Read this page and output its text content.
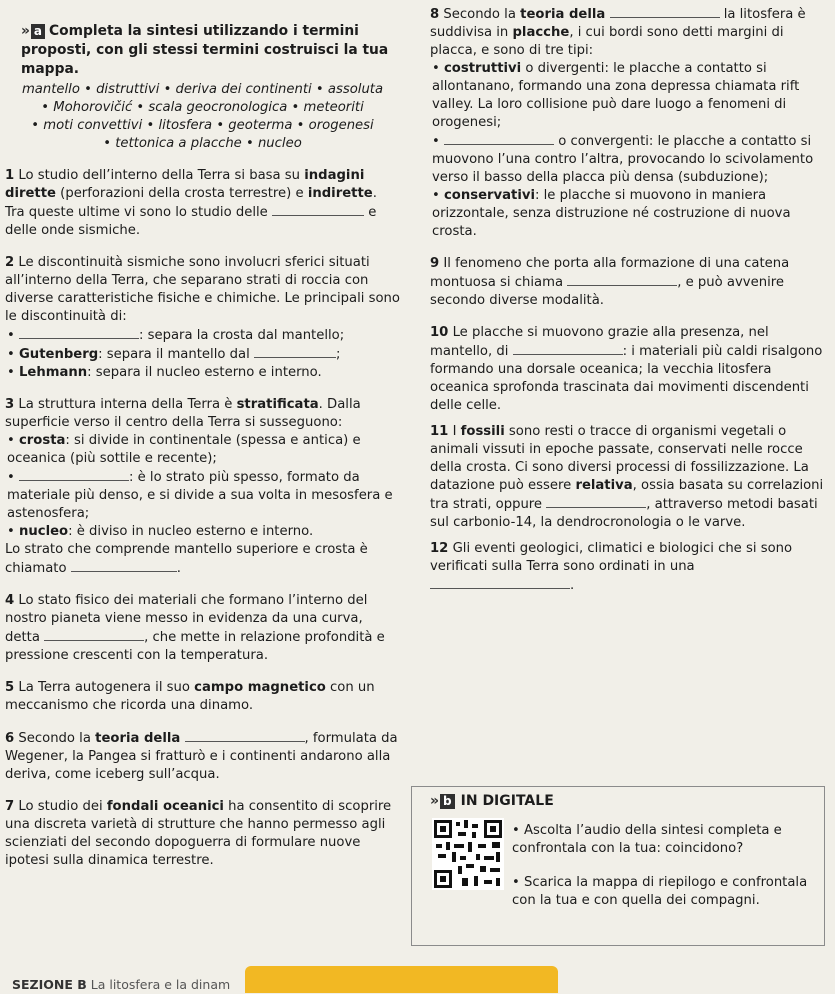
» a Completa la sintesi utilizzando i termini proposti, con gli stessi termini costruisci la tua mappa.

mantello • distruttivi • deriva dei continenti • assoluta

• Mohorovičić • scala geocronologica • meteoriti

• moti convettivi • litosfera • geoterma • orogenesi

• tettonica a placche • nucleo

1 Lo studio dell’interno della Terra si basa su indagini dirette (perforazioni della crosta terrestre) e indirette. Tra queste ultime vi sono lo studio delle	e delle onde sismiche.

2 Le discontinuità sismiche sono involucri sferici situati all’interno della Terra, che separano strati di roccia con diverse caratteristiche fisiche e chimiche. Le principali sono le discontinuità di:

•	: separa la crosta dal mantello;

• Gutenberg: separa il mantello dal	;

• Lehmann: separa il nucleo esterno e interno.

3 La struttura interna della Terra è stratificata. Dalla superficie verso il centro della Terra si susseguono:

• crosta: si divide in continentale (spessa e antica) e oceanica (più sottile e recente);

•	: è lo strato più spesso, formato da materiale più denso, e si divide a sua volta in mesosfera e astenosfera;

• nucleo: è diviso in nucleo esterno e interno.

Lo strato che comprende mantello superiore e crosta è chiamato	.

4 Lo stato fisico dei materiali che formano l’interno del nostro pianeta viene messo in evidenza da una curva, detta	, che mette in relazione profondità e pressione crescenti con la temperatura.

5 La Terra autogenera il suo campo magnetico con un meccanismo che ricorda una dinamo.

6 Secondo la teoria della	, formulata da Wegener, la Pangea si fratturò e i continenti andarono alla deriva, come iceberg sull’acqua.

7 Lo studio dei fondali oceanici ha consentito di scoprire una discreta varietà di strutture che hanno permesso agli scienziati del secondo dopoguerra di formulare nuove ipotesi sulla dinamica terrestre.

8 Secondo la teoria della	la litosfera è suddivisa in placche, i cui bordi sono detti margini di placca, e sono di tre tipi:

• costruttivi o divergenti: le placche a contatto si allontanano, formando una zona depressa chiamata rift valley. La loro collisione può dare luogo a fenomeni di orogenesi;

•	o convergenti: le placche a contatto si muovono l’una contro l’altra, provocando lo scivolamento verso il basso della placca più densa (subduzione);

• conservativi: le placche si muovono in maniera orizzontale, senza distruzione né costruzione di nuova crosta.

9 Il fenomeno che porta alla formazione di una catena montuosa si chiama	, e può avvenire secondo diverse modalità.

10 Le placche si muovono grazie alla presenza, nel mantello, di	: i materiali più caldi risalgono formando una dorsale oceanica; la vecchia litosfera oceanica sprofonda trascinata dai movimenti discendenti delle celle.

11 I fossili sono resti o tracce di organismi vegetali o animali vissuti in epoche passate, conservati nelle rocce della crosta. Ci sono diversi processi di fossilizzazione. La datazione può essere relativa, ossia basata su correlazioni tra strati, oppure	, attraverso metodi basati sul carbonio-14, la dendrocronologia o le varve.

12 Gli eventi geologici, climatici e biologici che si sono verificati sulla Terra sono ordinati in una .

» b IN DIGITALE

• Ascolta l’audio della sintesi completa e confrontala con la tua: coincidono?

• Scarica la mappa di riepilogo e confrontala con la tua e con quella dei compagni.

SEZIONE B La litosfera e la dinam
